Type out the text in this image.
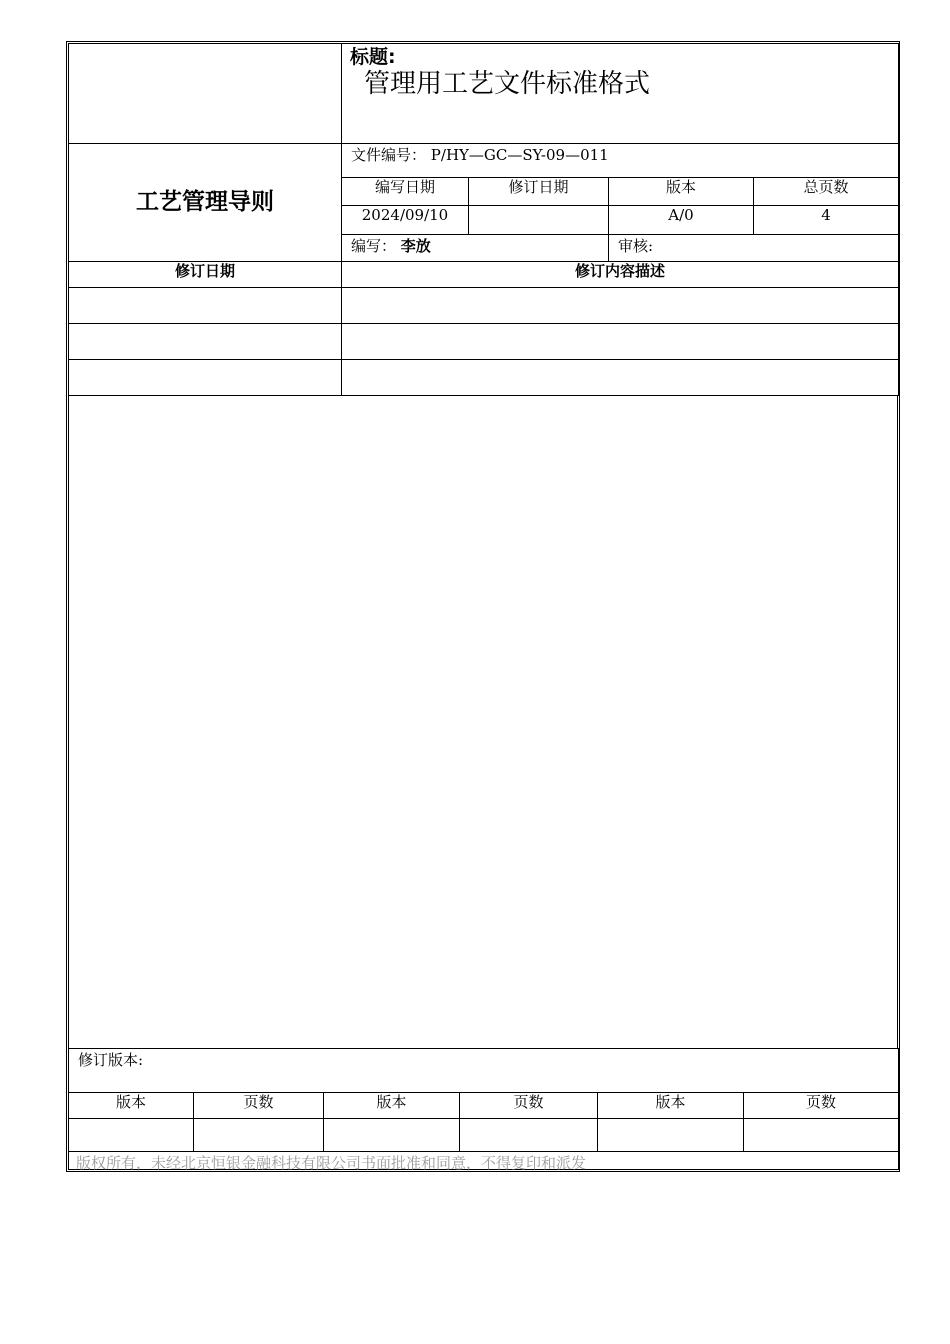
	标题:
管理用工艺文件标准格式			

工艺管理导则	文件编号： P/HY—GC—SY-09—011			
	编写日期	修订日期	版本	总页数
	2024/09/10		A/0	4
	编写： 李放		审核:	
修订日期	修订内容描述			

修订版本:					
版本	页数	版本	页数	版本	页数

版权所有，未经北京恒银金融科技有限公司书面批准和同意，不得复印和派发
